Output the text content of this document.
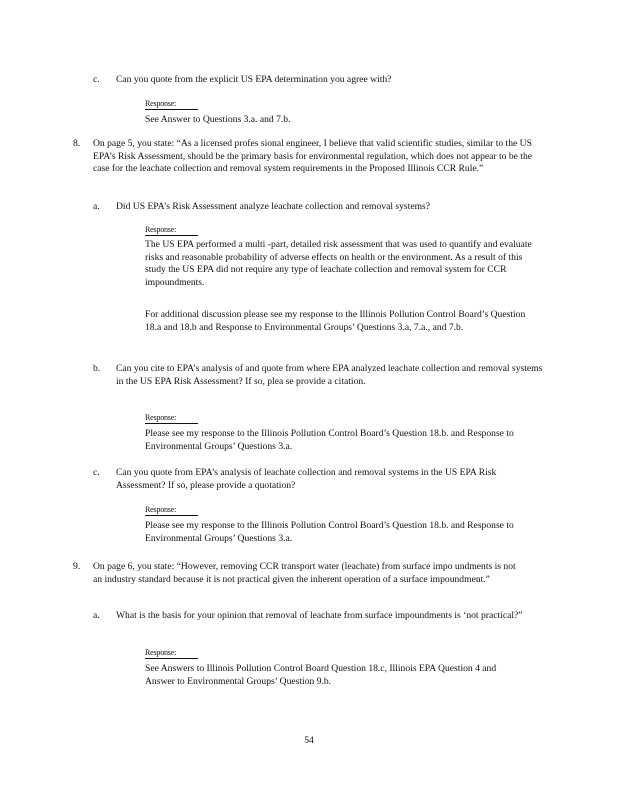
c. Can you quote from the explicit US EPA determination you agree with?
Response:
See Answer to Questions 3.a. and 7.b.
8. On page 5, you state: “As a licensed profes sional engineer, I believe that valid scientific studies, similar to the US EPA’s Risk Assessment, should be the primary basis for environmental regulation, which does not appear to be the case for the leachate collection and removal system requirements in the Proposed Illinois CCR Rule.”
a. Did US EPA’s Risk Assessment analyze leachate collection and removal systems?
Response:
The US EPA performed a multi -part, detailed risk assessment that was used to quantify and evaluate risks and reasonable probability of adverse effects on health or the environment. As a result of this study the US EPA did not require any type of leachate collection and removal system for CCR impoundments.
For additional discussion please see my response to the Illinois Pollution Control Board’s Question 18.a and 18.b and Response to Environmental Groups’ Questions 3.a, 7.a., and 7.b.
b. Can you cite to EPA’s analysis of and quote from where EPA analyzed leachate collection and removal systems in the US EPA Risk Assessment? If so, plea se provide a citation.
Response:
Please see my response to the Illinois Pollution Control Board’s Question 18.b. and Response to Environmental Groups’ Questions 3.a.
c. Can you quote from EPA’s analysis of leachate collection and removal systems in the US EPA Risk Assessment? If so, please provide a quotation?
Response:
Please see my response to the Illinois Pollution Control Board’s Question 18.b. and Response to Environmental Groups’ Questions 3.a.
9. On page 6, you state: “However, removing CCR transport water (leachate) from surface impo undments is not an industry standard because it is not practical given the inherent operation of a surface impoundment.”
a. What is the basis for your opinion that removal of leachate from surface impoundments is ‘not practical?”
Response:
See Answers to Illinois Pollution Control Board Question 18.c, Illinois EPA Question 4 and Answer to Environmental Groups’ Question 9.b.
54
